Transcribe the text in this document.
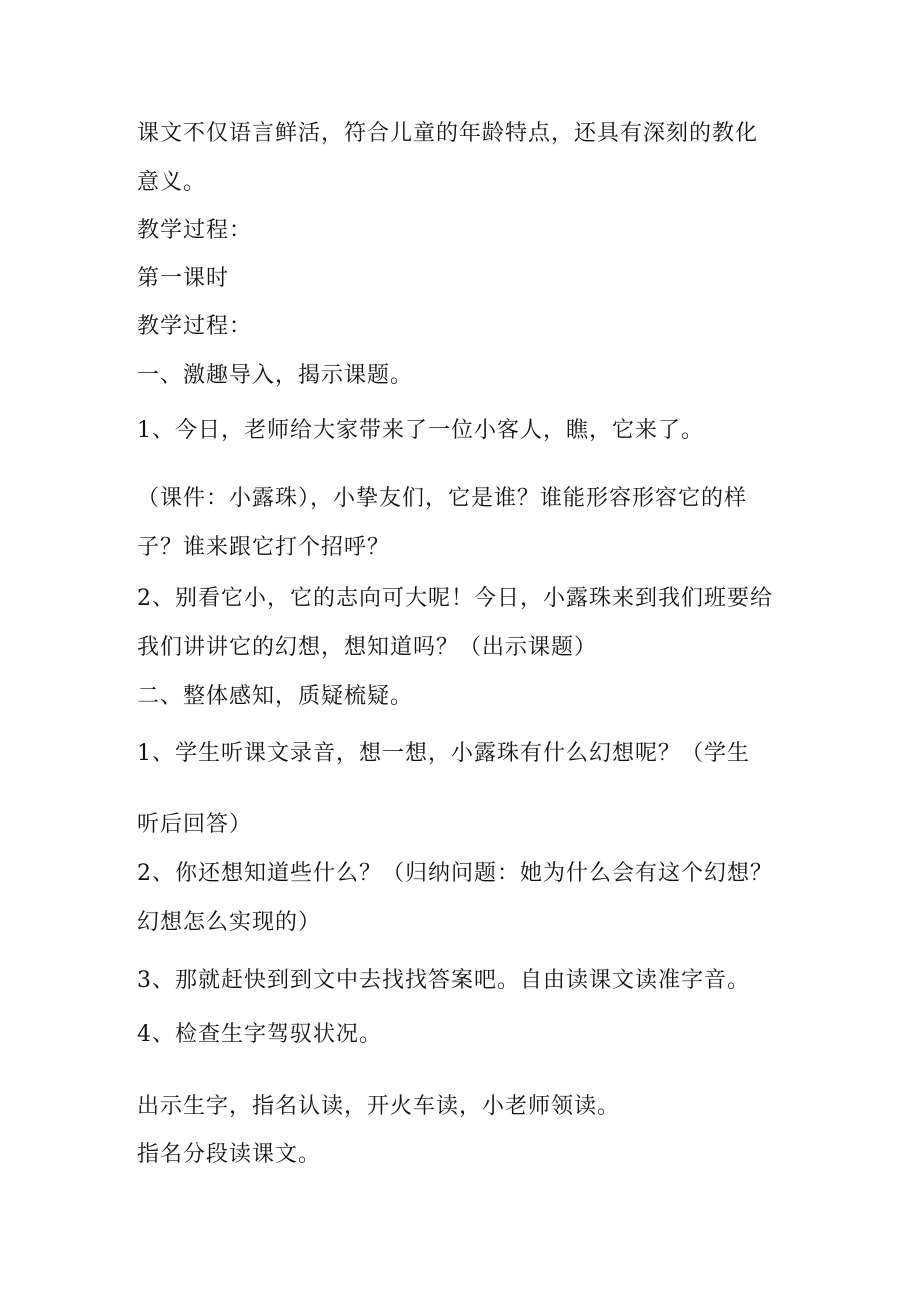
课文不仅语言鲜活，符合儿童的年龄特点，还具有深刻的教化
意义。
教学过程：
第一课时
教学过程：
一、激趣导入，揭示课题。
1、今日，老师给大家带来了一位小客人，瞧，它来了。
（课件：小露珠），小挚友们，它是谁？谁能形容形容它的样
子？谁来跟它打个招呼？
2、别看它小，它的志向可大呢！今日，小露珠来到我们班要给
我们讲讲它的幻想，想知道吗？（出示课题）
二、整体感知，质疑梳疑。
1、学生听课文录音，想一想，小露珠有什么幻想呢？（学生
听后回答）
2、你还想知道些什么？（归纳问题：她为什么会有这个幻想？
幻想怎么实现的）
3、那就赶快到到文中去找找答案吧。自由读课文读准字音。
4、检查生字驾驭状况。
出示生字，指名认读，开火车读，小老师领读。
指名分段读课文。
